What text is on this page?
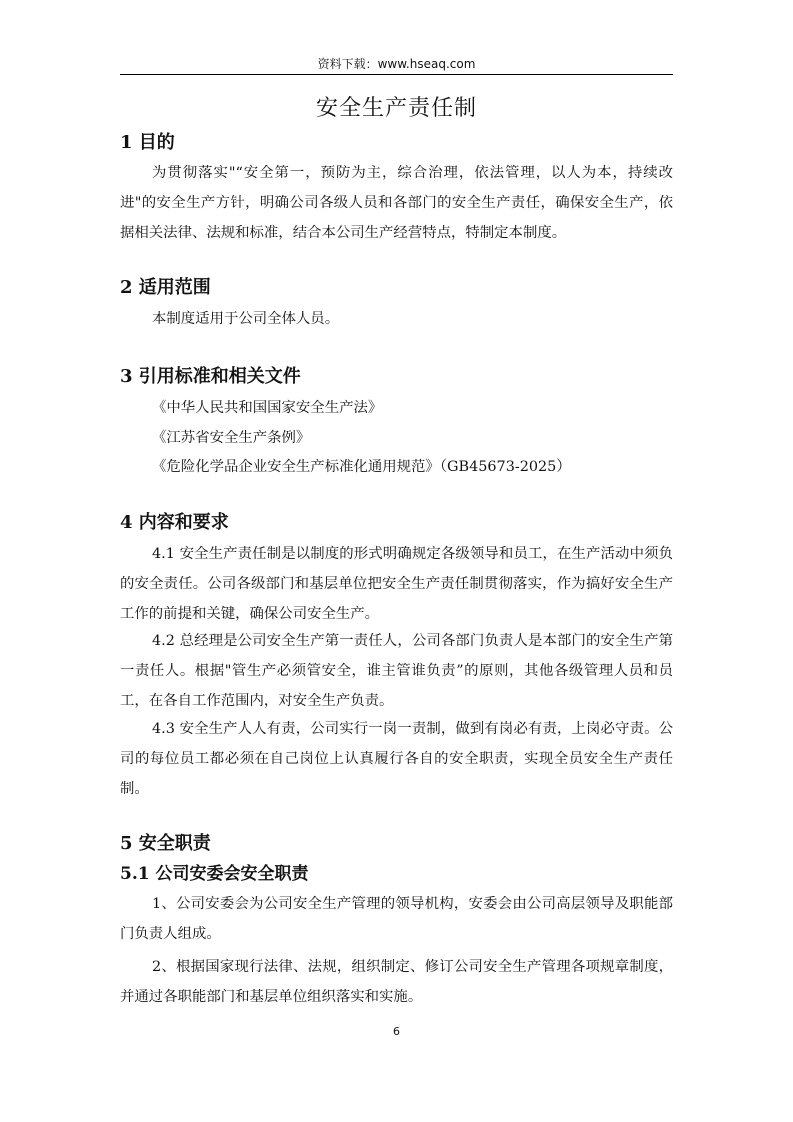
资料下载：www.hseaq.com
安全生产责任制
1 目的

为贯彻落实"“安全第一，预防为主，综合治理，依法管理，以人为本，持续改进"的安全生产方针，明确公司各级人员和各部门的安全生产责任，确保安全生产，依据相关法律、法规和标准，结合本公司生产经营特点，特制定本制度。

2 适用范围

本制度适用于公司全体人员。

3 引用标准和相关文件
《中华人民共和国国家安全生产法》
《江苏省安全生产条例》
《危险化学品企业安全生产标准化通用规范》（GB45673-2025）
4 内容和要求

4.1 安全生产责任制是以制度的形式明确规定各级领导和员工，在生产活动中须负的安全责任。公司各级部门和基层单位把安全生产责任制贯彻落实，作为搞好安全生产工作的前提和关键，确保公司安全生产。

4.2 总经理是公司安全生产第一责任人，公司各部门负责人是本部门的安全生产第一责任人。根据"管生产必须管安全，谁主管谁负责”的原则，其他各级管理人员和员工，在各自工作范围内，对安全生产负责。

4.3 安全生产人人有责，公司实行一岗一责制，做到有岗必有责，上岗必守责。公司的每位员工都必须在自己岗位上认真履行各自的安全职责，实现全员安全生产责任制。

5 安全职责
5.1 公司安委会安全职责

1、公司安委会为公司安全生产管理的领导机构，安委会由公司高层领导及职能部门负责人组成。

2、根据国家现行法律、法规，组织制定、修订公司安全生产管理各项规章制度，并通过各职能部门和基层单位组织落实和实施。

6
